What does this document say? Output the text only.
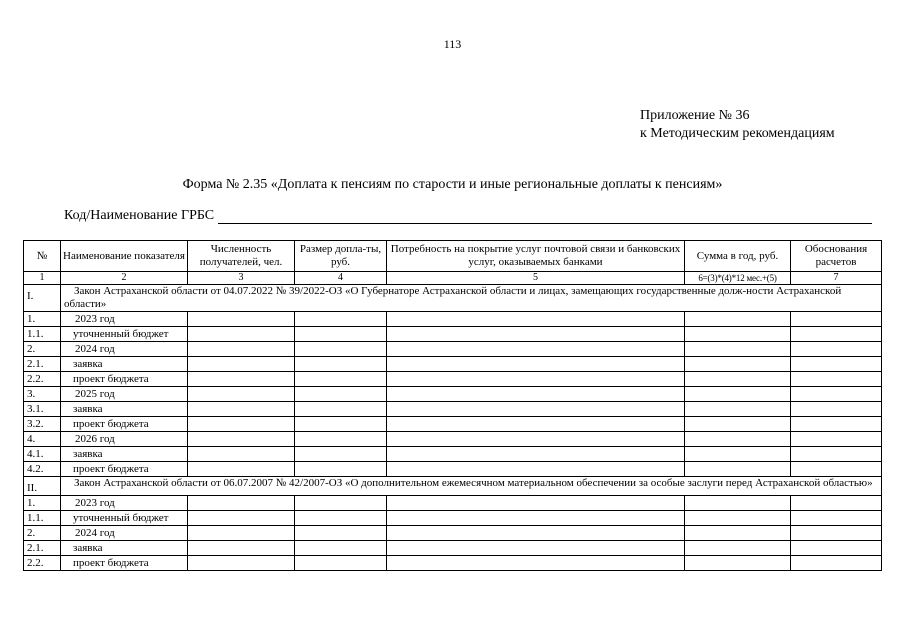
113
Приложение № 36
к Методическим рекомендациям
Форма № 2.35 «Доплата к пенсиям по старости и иные региональные доплаты к пенсиям»
Код/Наименование ГРБС
№	Наименование показателя	Численность получателей, чел.	Размер допла-ты, руб.	Потребность на покрытие услуг почтовой связи и банковских услуг, оказываемых банками	Сумма в год, руб.	Обоснования расчетов
1	2	3	4	5	6=(3)*(4)*12 мес.+(5)	7
I.	Закон Астраханской области от 04.07.2022 № 39/2022-ОЗ «О Губернаторе Астраханской области и лицах, замещающих государственные долж-ности Астраханской области»					
1.	2023 год					
1.1.	уточненный бюджет					
2.	2024 год					
2.1.	заявка					
2.2.	проект бюджета					
3.	2025 год					
3.1.	заявка					
3.2.	проект бюджета					
4.	2026 год					
4.1.	заявка					
4.2.	проект бюджета					
II.	Закон Астраханской области от 06.07.2007 № 42/2007-ОЗ «О дополнительном ежемесячном материальном обеспечении за особые заслуги перед Астраханской областью»					
1.	2023 год					
1.1.	уточненный бюджет					
2.	2024 год					
2.1.	заявка					
2.2.	проект бюджета					
